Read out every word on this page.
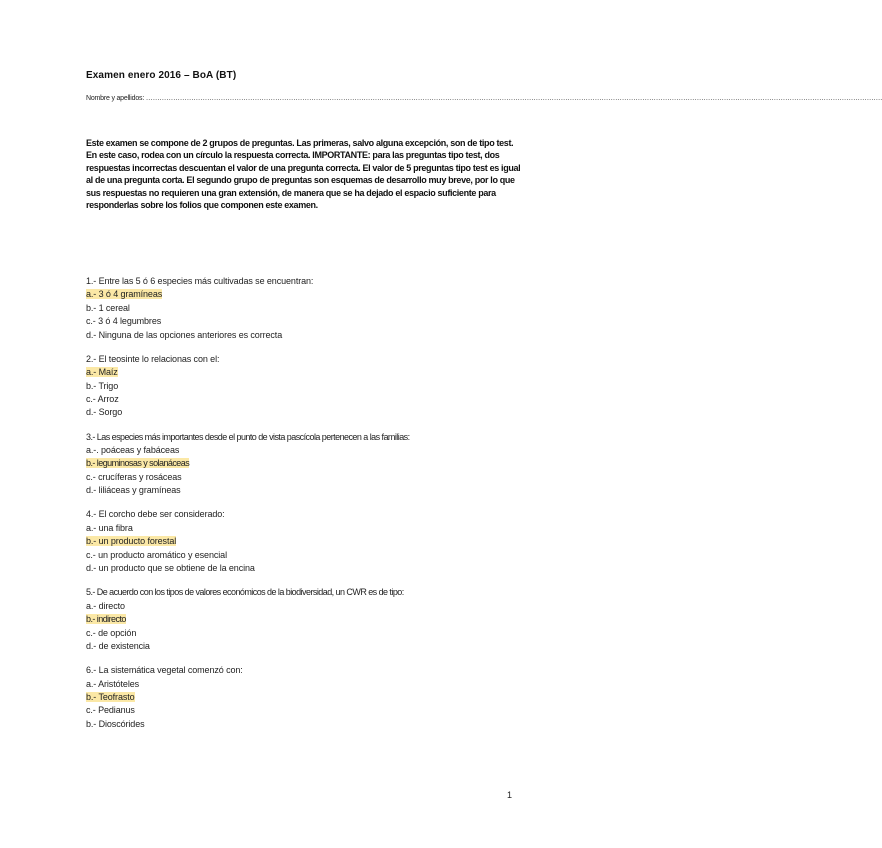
Examen enero 2016 – BoA (BT)
Nombre y apellidos: ……………………………………………………………………………………………………………………………………………………………………………………………………………………………………………………………………………………………….
Este examen se compone de 2 grupos de preguntas. Las primeras, salvo alguna excepción, son de tipo test. En este caso, rodea con un círculo la respuesta correcta. IMPORTANTE: para las preguntas tipo test, dos respuestas incorrectas descuentan el valor de una pregunta correcta. El valor de 5 preguntas tipo test es igual al de una pregunta corta. El segundo grupo de preguntas son esquemas de desarrollo muy breve, por lo que sus respuestas no requieren una gran extensión, de manera que se ha dejado el espacio suficiente para responderlas sobre los folios que componen este examen.
1.- Entre las 5 ó 6 especies más cultivadas se encuentran:
a.- 3 ó 4 gramíneas
b.- 1 cereal
c.- 3 ó 4 legumbres
d.- Ninguna de las opciones anteriores es correcta
2.- El teosinte lo relacionas con el:
a.- Maíz
b.- Trigo
c.- Arroz
d.- Sorgo
3.- Las especies más importantes desde el punto de vista pascícola pertenecen a las familias:
a.-. poáceas y fabáceas
b.- leguminosas y solanáceas
c.- crucíferas y rosáceas
d.- liliáceas y gramíneas
4.- El corcho debe ser considerado:
a.- una fibra
b.- un producto forestal
c.- un producto aromático y esencial
d.- un producto que se obtiene de la encina
5.- De acuerdo con los tipos de valores económicos de la biodiversidad, un CWR es de tipo:
a.- directo
b.- indirecto
c.- de opción
d.- de existencia
6.- La sistemática vegetal comenzó con:
a.- Aristóteles
b.- Teofrasto
c.- Pedianus
b.- Dioscórides
1
